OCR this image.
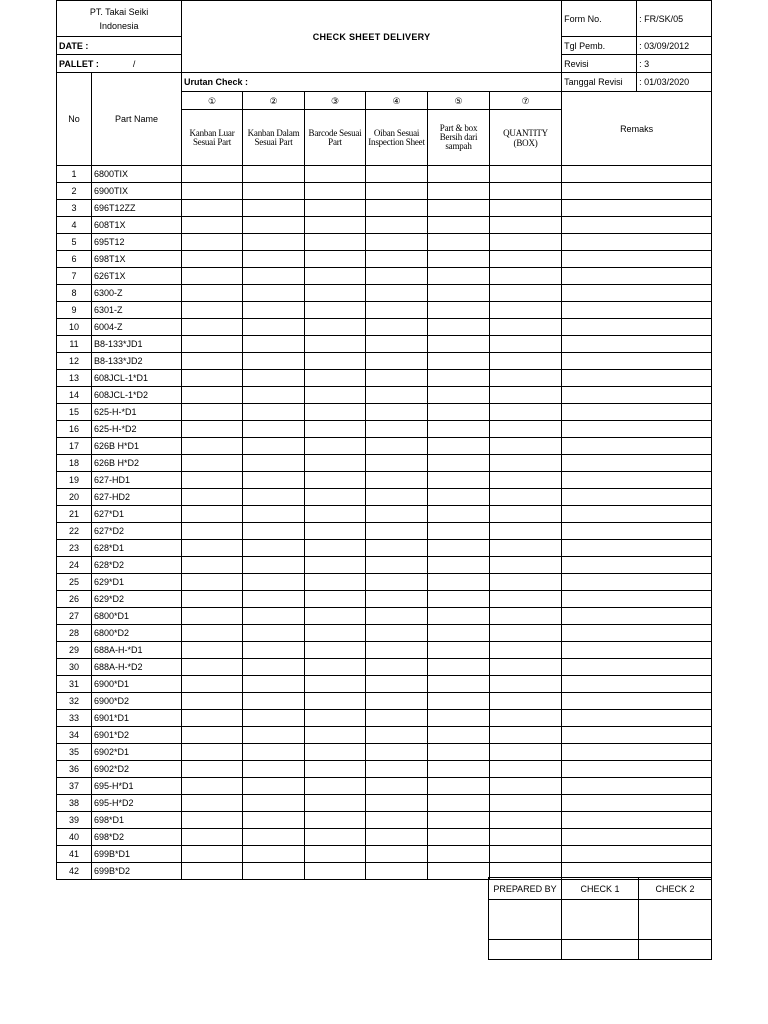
PT. Takai Seiki
Indonesia		CHECK SHEET DELIVERY						Form No.	: FR/SK/05
DATE :								Tgl Pemb.	: 03/09/2012
PALLET : /								Revisi	: 3
No	Part Name	Urutan Check :						Tanggal Revisi	: 01/03/2020
		①	②	③	④	⑤	⑦	Remaks	
		Kanban Luar Sesuai Part	Kanban Dalam Sesuai Part	Barcode Sesuai Part	Oiban Sesuai Inspection Sheet	Part & box Bersih dari sampah	QUANTITY (BOX)		
1	6800TIX								
2	6900TIX								
3	696T12ZZ								
4	608T1X								
5	695T12								
6	698T1X								
7	626T1X								
8	6300-Z								
9	6301-Z								
10	6004-Z								
11	B8-133*JD1								
12	B8-133*JD2								
13	608JCL-1*D1								
14	608JCL-1*D2								
15	625-H-*D1								
16	625-H-*D2								
17	626B H*D1								
18	626B H*D2								
19	627-HD1								
20	627-HD2								
21	627*D1								
22	627*D2								
23	628*D1								
24	628*D2								
25	629*D1								
26	629*D2								
27	6800*D1								
28	6800*D2								
29	688A-H-*D1								
30	688A-H-*D2								
31	6900*D1								
32	6900*D2								
33	6901*D1								
34	6901*D2								
35	6902*D1								
36	6902*D2								
37	695-H*D1								
38	695-H*D2								
39	698*D1								
40	698*D2								
41	699B*D1								
42	699B*D2								
PREPARED BY	CHECK 1	CHECK 2
